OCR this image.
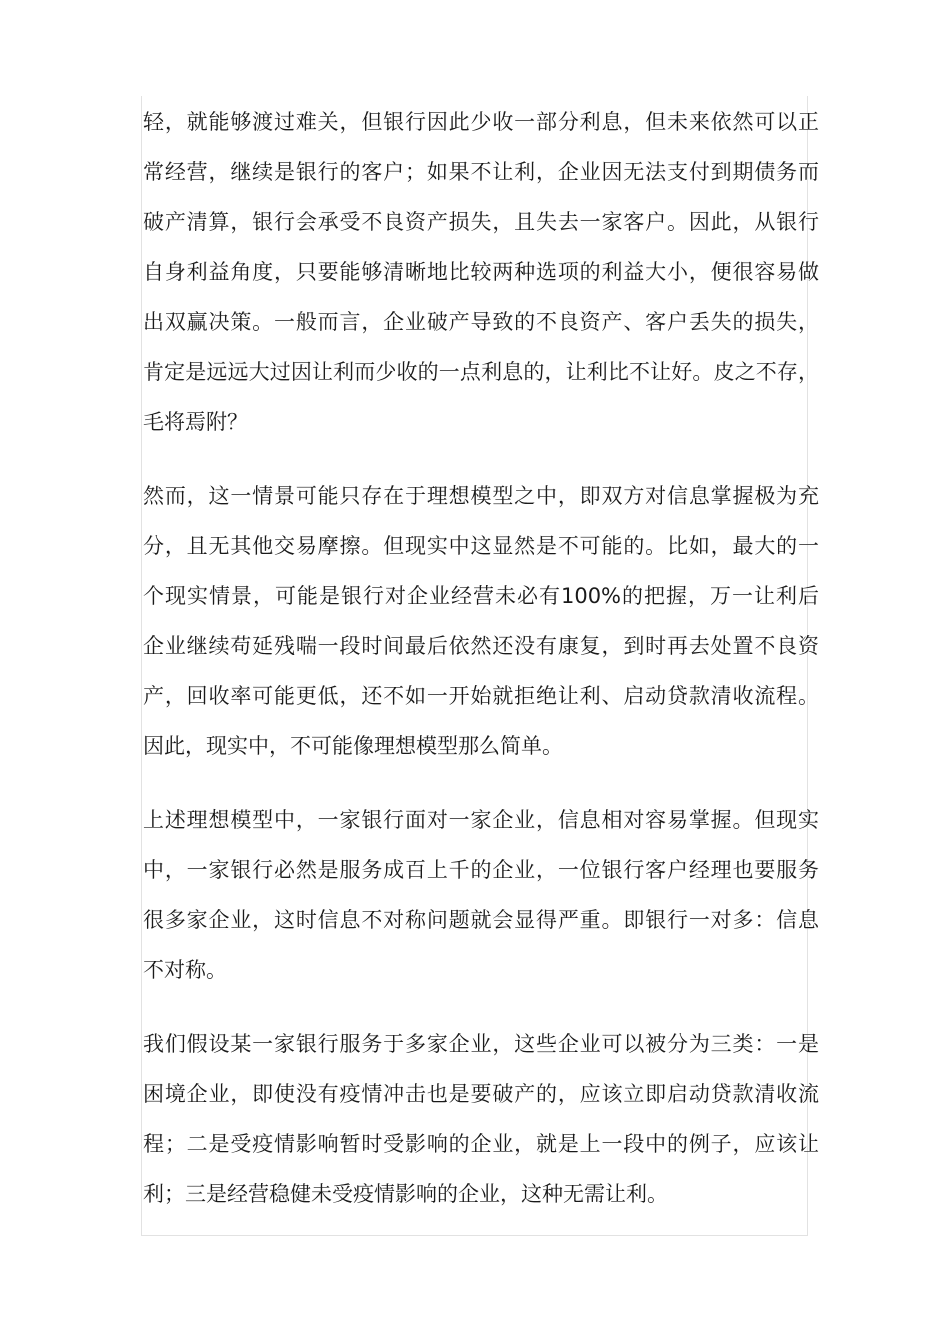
轻，就能够渡过难关，但银行因此少收一部分利息，但未来依然可以正
常经营，继续是银行的客户；如果不让利，企业因无法支付到期债务而
破产清算，银行会承受不良资产损失，且失去一家客户。因此，从银行
自身利益角度，只要能够清晰地比较两种选项的利益大小，便很容易做
出双赢决策。一般而言，企业破产导致的不良资产、客户丢失的损失，
肯定是远远大过因让利而少收的一点利息的，让利比不让好。皮之不存，
毛将焉附？
然而，这一情景可能只存在于理想模型之中，即双方对信息掌握极为充
分，且无其他交易摩擦。但现实中这显然是不可能的。比如，最大的一
个现实情景，可能是银行对企业经营未必有100%的把握，万一让利后
企业继续苟延残喘一段时间最后依然还没有康复，到时再去处置不良资
产，回收率可能更低，还不如一开始就拒绝让利、启动贷款清收流程。
因此，现实中，不可能像理想模型那么简单。
上述理想模型中，一家银行面对一家企业，信息相对容易掌握。但现实
中，一家银行必然是服务成百上千的企业，一位银行客户经理也要服务
很多家企业，这时信息不对称问题就会显得严重。即银行一对多：信息
不对称。
我们假设某一家银行服务于多家企业，这些企业可以被分为三类：一是
困境企业，即使没有疫情冲击也是要破产的，应该立即启动贷款清收流
程；二是受疫情影响暂时受影响的企业，就是上一段中的例子，应该让
利；三是经营稳健未受疫情影响的企业，这种无需让利。
